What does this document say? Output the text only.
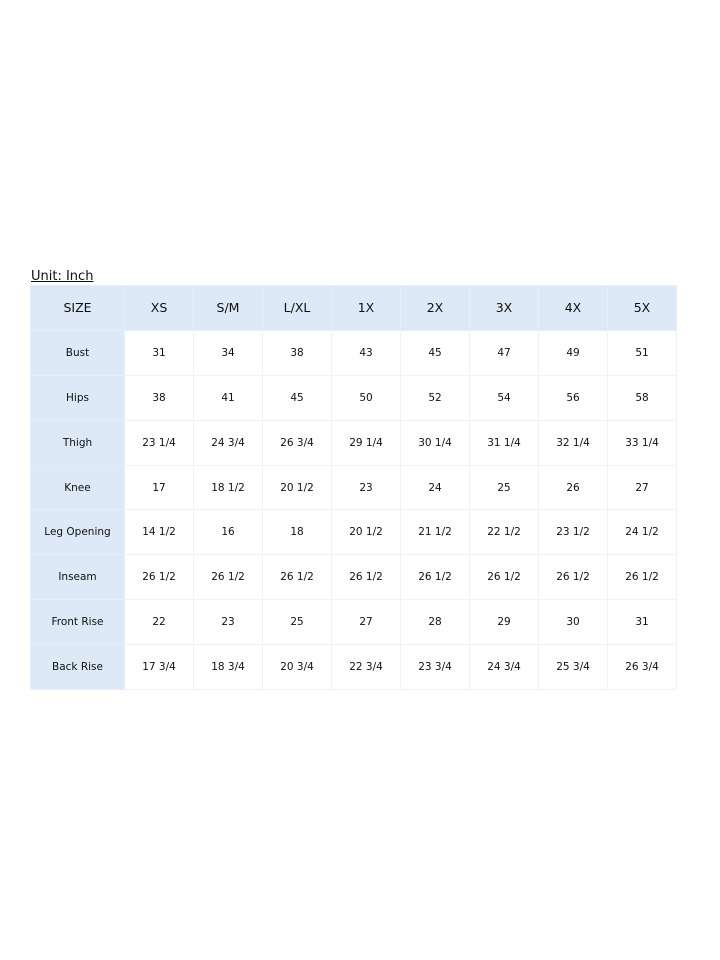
Unit: Inch
SIZE	XS	S/M	L/XL	1X	2X	3X	4X	5X
Bust	31	34	38	43	45	47	49	51
Hips	38	41	45	50	52	54	56	58
Thigh	23 1/4	24 3/4	26 3/4	29 1/4	30 1/4	31 1/4	32 1/4	33 1/4
Knee	17	18 1/2	20 1/2	23	24	25	26	27
Leg Opening	14 1/2	16	18	20 1/2	21 1/2	22 1/2	23 1/2	24 1/2
Inseam	26 1/2	26 1/2	26 1/2	26 1/2	26 1/2	26 1/2	26 1/2	26 1/2
Front Rise	22	23	25	27	28	29	30	31
Back Rise	17 3/4	18 3/4	20 3/4	22 3/4	23 3/4	24 3/4	25 3/4	26 3/4
